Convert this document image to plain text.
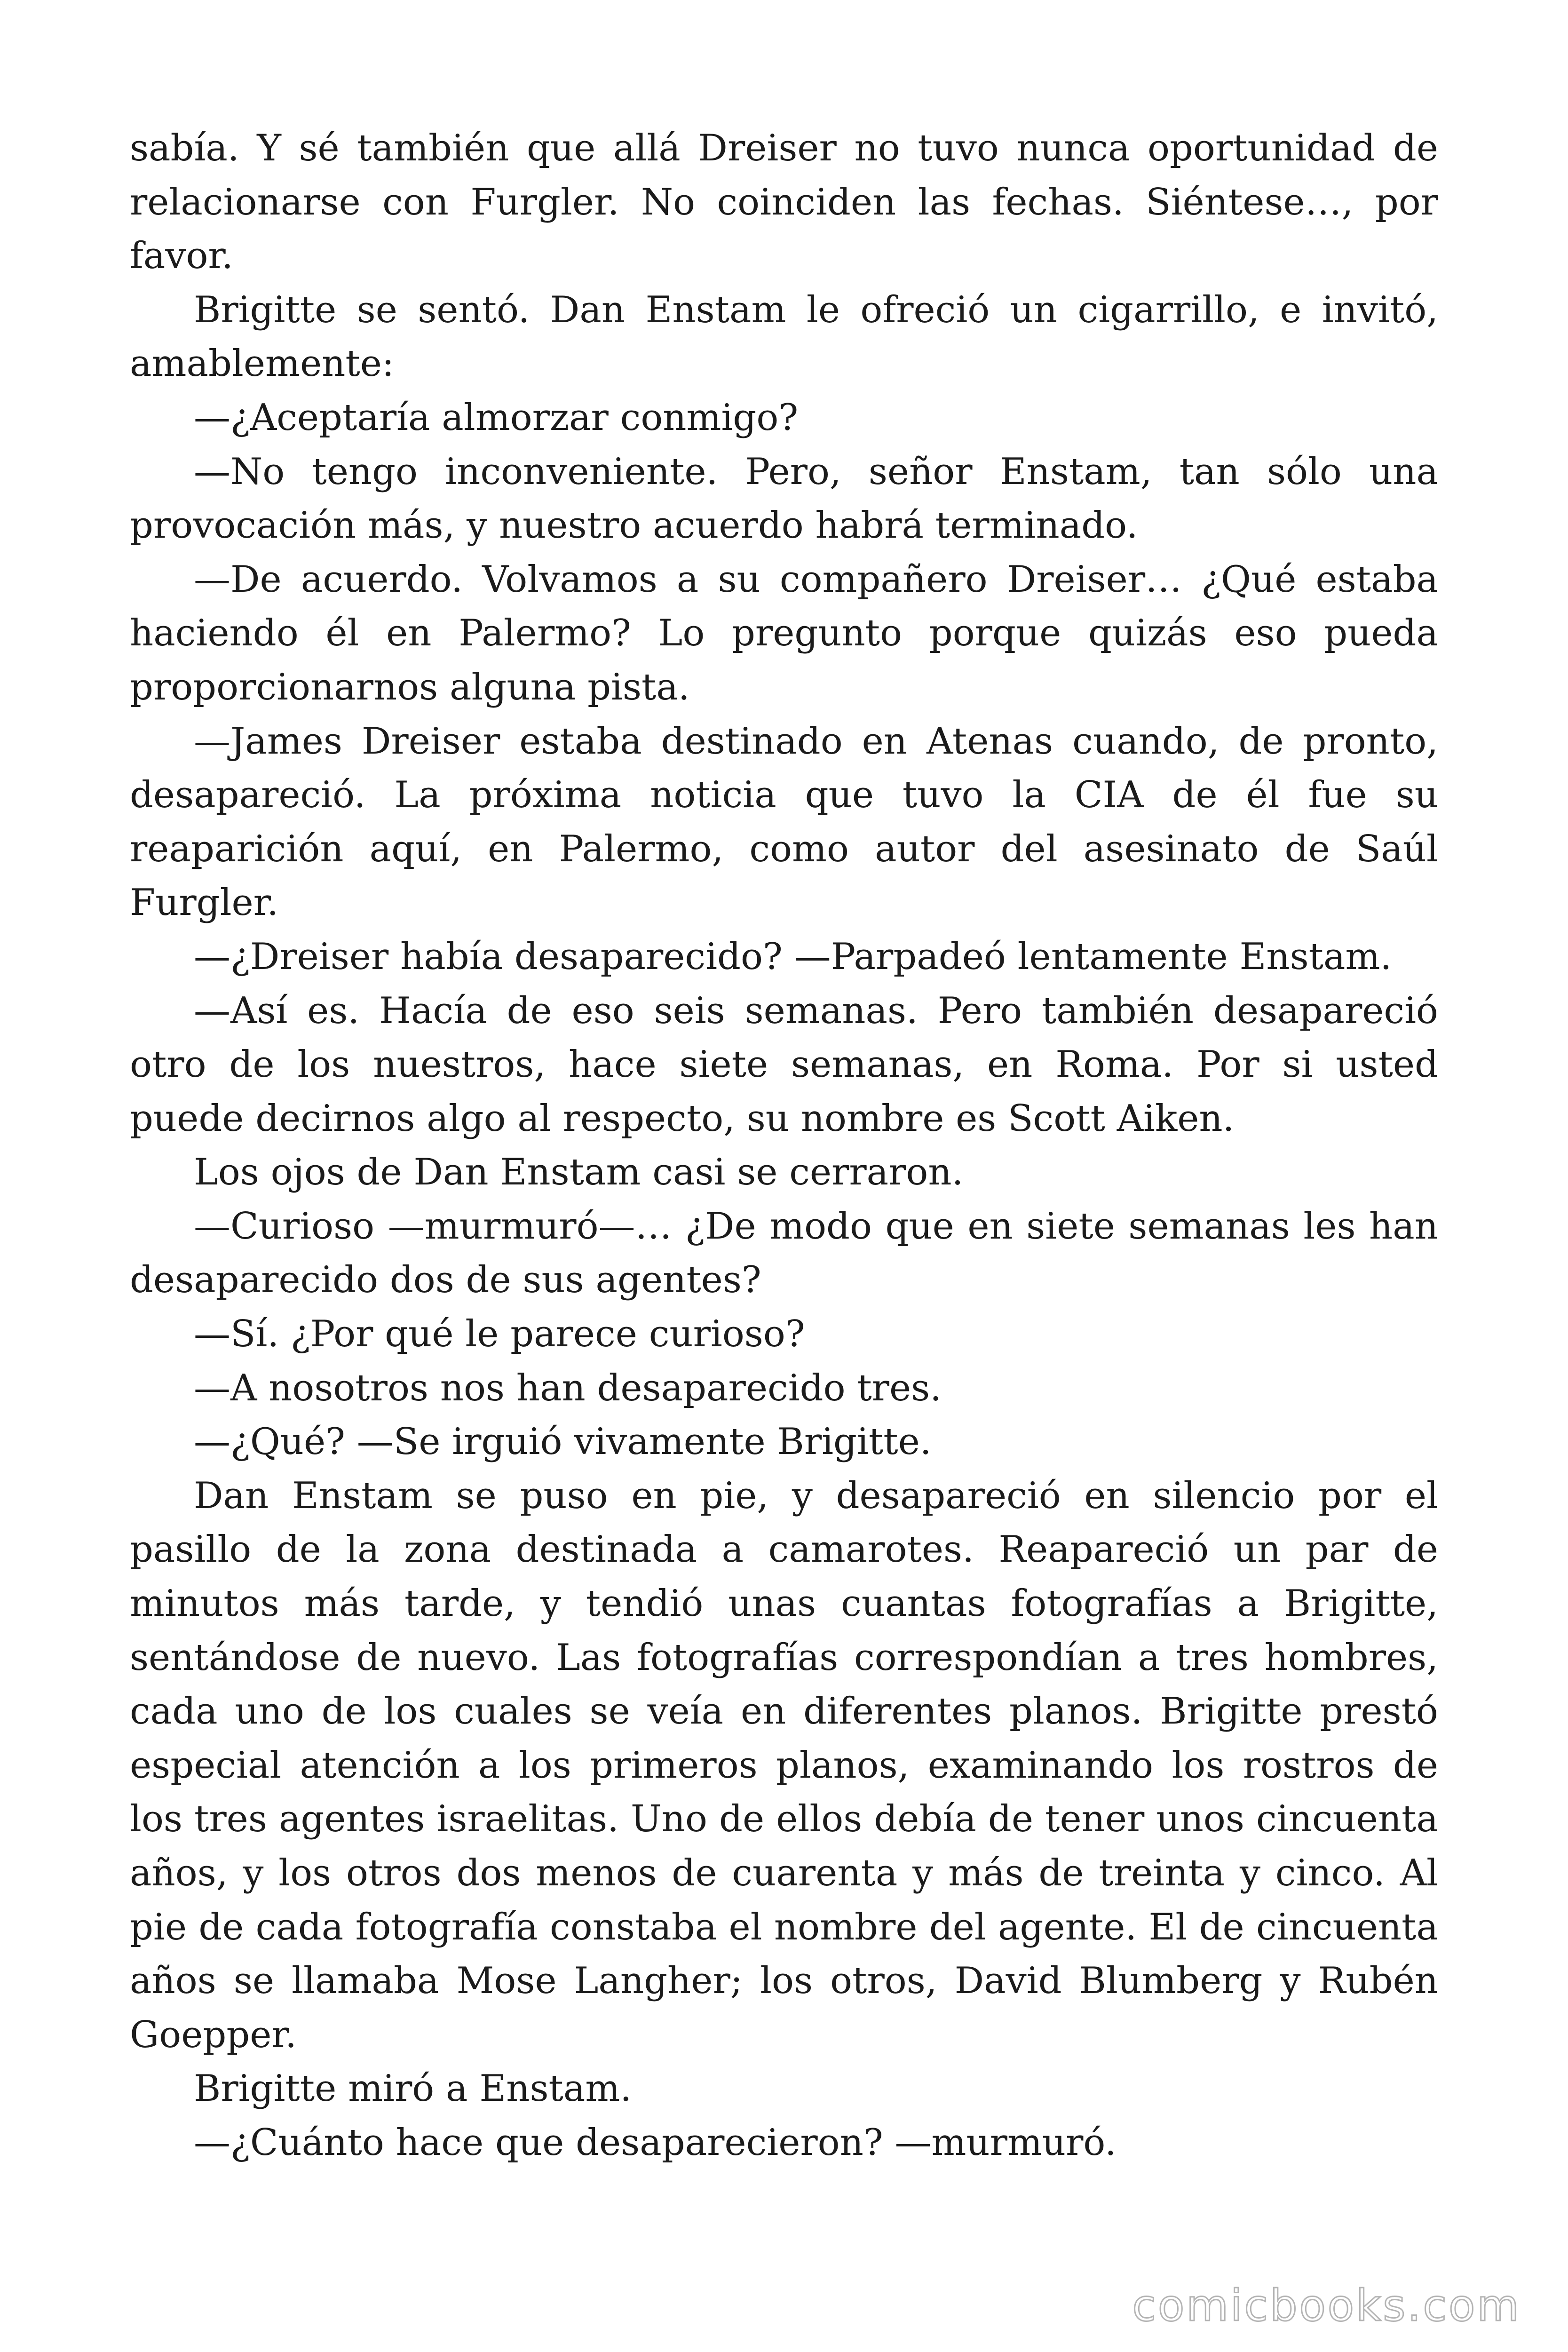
sabía. Y sé también que allá Dreiser no tuvo nunca oportunidad de relacionarse con Furgler. No coinciden las fechas. Siéntese…, por favor.

Brigitte se sentó. Dan Enstam le ofreció un cigarrillo, e invitó, amablemente:

—¿Aceptaría almorzar conmigo?

—No tengo inconveniente. Pero, señor Enstam, tan sólo una provocación más, y nuestro acuerdo habrá terminado.

—De acuerdo. Volvamos a su compañero Dreiser… ¿Qué estaba haciendo él en Palermo? Lo pregunto porque quizás eso pueda proporcionarnos alguna pista.

—James Dreiser estaba destinado en Atenas cuando, de pronto, desapareció. La próxima noticia que tuvo la CIA de él fue su reaparición aquí, en Palermo, como autor del asesinato de Saúl Furgler.

—¿Dreiser había desaparecido? —Parpadeó lentamente Enstam.

—Así es. Hacía de eso seis semanas. Pero también desapareció otro de los nuestros, hace siete semanas, en Roma. Por si usted puede decirnos algo al respecto, su nombre es Scott Aiken.

Los ojos de Dan Enstam casi se cerraron.

—Curioso —murmuró—… ¿De modo que en siete semanas les han desaparecido dos de sus agentes?

—Sí. ¿Por qué le parece curioso?

—A nosotros nos han desaparecido tres.

—¿Qué? —Se irguió vivamente Brigitte.

Dan Enstam se puso en pie, y desapareció en silencio por el pasillo de la zona destinada a camarotes. Reapareció un par de minutos más tarde, y tendió unas cuantas fotografías a Brigitte, sentándose de nuevo. Las fotografías correspondían a tres hombres, cada uno de los cuales se veía en diferentes planos. Brigitte prestó especial atención a los primeros planos, examinando los rostros de los tres agentes israelitas. Uno de ellos debía de tener unos cincuenta años, y los otros dos menos de cuarenta y más de treinta y cinco. Al pie de cada fotografía constaba el nombre del agente. El de cincuenta años se llamaba Mose Langher; los otros, David Blumberg y Rubén Goepper.

Brigitte miró a Enstam.

—¿Cuánto hace que desaparecieron? —murmuró.

comicbooks.com
